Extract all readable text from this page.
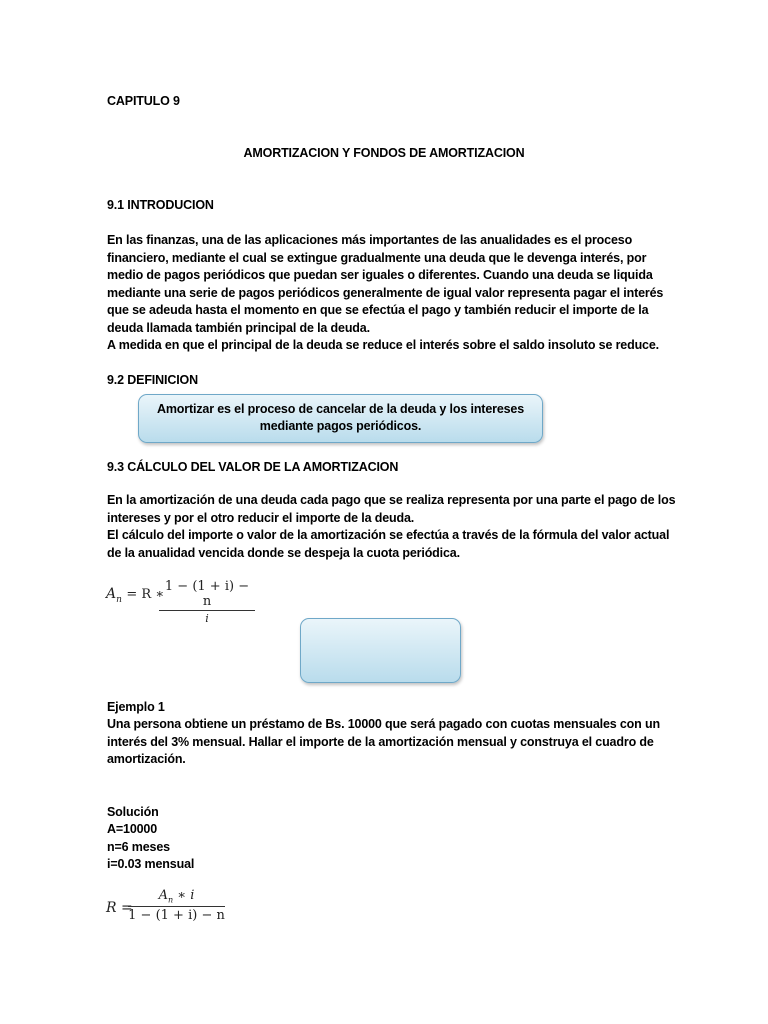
CAPITULO 9
AMORTIZACION Y FONDOS DE AMORTIZACION
9.1 INTRODUCION
En las finanzas, una de las aplicaciones más importantes de las anualidades es el proceso
financiero, mediante el cual se extingue gradualmente una deuda que le devenga interés, por
medio de pagos periódicos que puedan ser iguales o diferentes. Cuando una deuda se liquida
mediante una serie de pagos periódicos generalmente de igual valor representa pagar el interés
que se adeuda hasta el momento en que se efectúa el pago y también reducir el importe de la
deuda llamada también principal de la deuda.
A medida en que el principal de la deuda se reduce el interés sobre el saldo insoluto se reduce.
9.2 DEFINICION
Amortizar es el proceso de cancelar de la deuda y los intereses
mediante pagos periódicos.
9.3 CÁLCULO DEL VALOR DE LA AMORTIZACION
En la amortización de una deuda cada pago que se realiza representa por una parte el pago de los
intereses y por el otro reducir el importe de la deuda.
El cálculo del importe o valor de la amortización se efectúa a través de la fórmula del valor actual
de la anualidad vencida donde se despeja la cuota periódica.
$A_n = R$ ∗
1 − (1 + i) − n
i
Ejemplo 1
Una persona obtiene un préstamo de Bs. 10000 que será pagado con cuotas mensuales con un
interés del 3% mensual. Hallar el importe de la amortización mensual y construya el cuadro de
amortización.
Solución
A=10000
n=6 meses
i=0.03 mensual
R =
$A_n$ ∗ i
1 − (1 + i) − n
